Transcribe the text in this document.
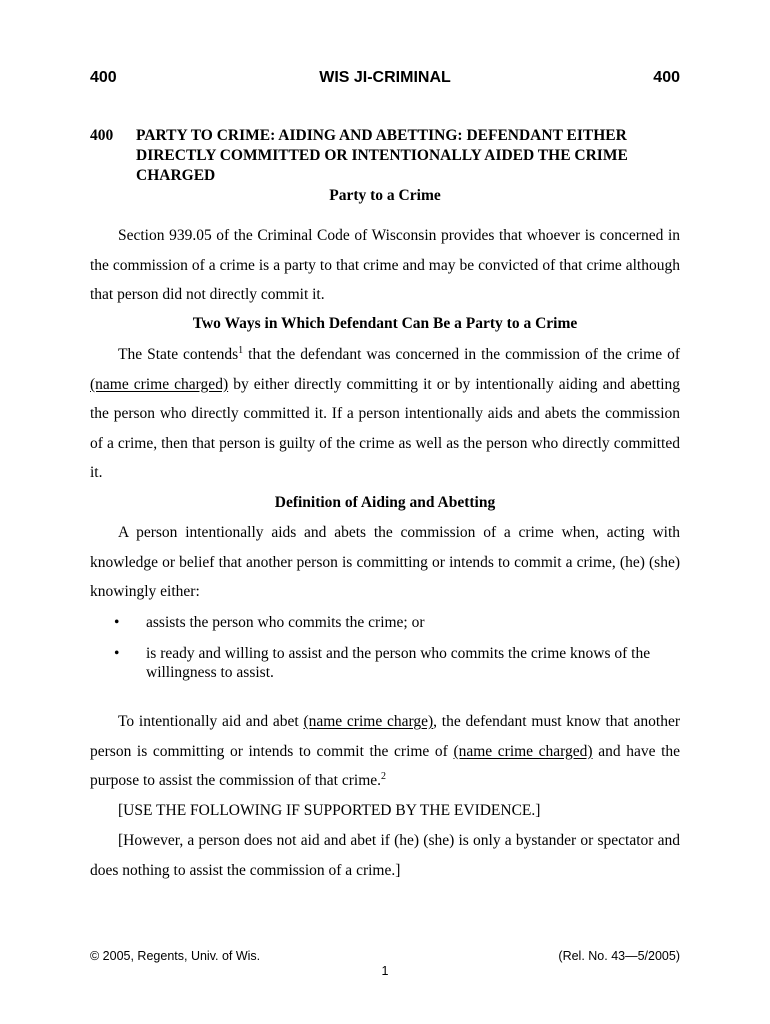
WIS JI-CRIMINAL
400	400
400 PARTY TO CRIME: AIDING AND ABETTING: DEFENDANT EITHER DIRECTLY COMMITTED OR INTENTIONALLY AIDED THE CRIME CHARGED

Party to a Crime

Section 939.05 of the Criminal Code of Wisconsin provides that whoever is concerned in the commission of a crime is a party to that crime and may be convicted of that crime although that person did not directly commit it.

Two Ways in Which Defendant Can Be a Party to a Crime

The State contends$^1$ that the defendant was concerned in the commission of the crime of (name crime charged) by either directly committing it or by intentionally aiding and abetting the person who directly committed it. If a person intentionally aids and abets the commission of a crime, then that person is guilty of the crime as well as the person who directly committed it.

Definition of Aiding and Abetting

A person intentionally aids and abets the commission of a crime when, acting with knowledge or belief that another person is committing or intends to commit a crime, (he) (she) knowingly either:

• assists the person who commits the crime; or
• is ready and willing to assist and the person who commits the crime knows of the willingness to assist.

To intentionally aid and abet (name crime charge), the defendant must know that another person is committing or intends to commit the crime of (name crime charged) and have the purpose to assist the commission of that crime.$^2$

[USE THE FOLLOWING IF SUPPORTED BY THE EVIDENCE.]

[However, a person does not aid and abet if (he) (she) is only a bystander or spectator and does nothing to assist the commission of a crime.]

© 2005, Regents, Univ. of Wis.	(Rel. No. 43—5/2005)
1
